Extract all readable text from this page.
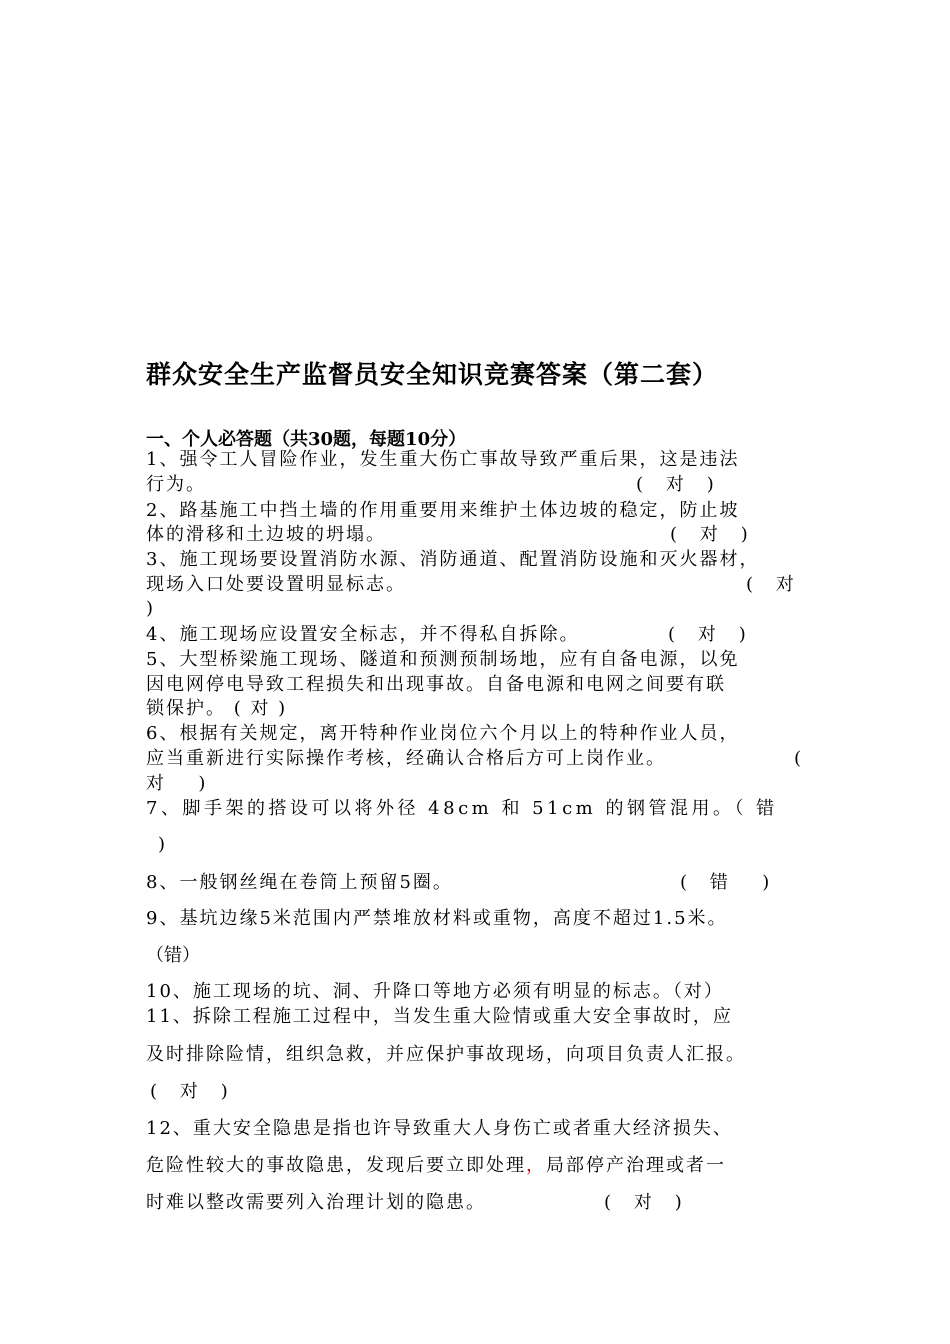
群众安全生产监督员安全知识竞赛答案（第二套）
一、个人必答题（共30题，每题10分）
1、强令工人冒险作业，发生重大伤亡事故导致严重后果，这是违法
行为。	(    对    )
2、路基施工中挡土墙的作用重要用来维护土体边坡的稳定，防止坡
体的滑移和土边坡的坍塌。	(    对    )
3、施工现场要设置消防水源、消防通道、配置消防设施和灭火器材，
现场入口处要设置明显标志。	(    对
)
4、施工现场应设置安全标志，并不得私自拆除。	(    对    )
5、大型桥梁施工现场、隧道和预测预制场地，应有自备电源，以免
因电网停电导致工程损失和出现事故。自备电源和电网之间要有联
锁保护。 ( 对 )
6、根据有关规定，离开特种作业岗位六个月以上的特种作业人员，
应当重新进行实际操作考核，经确认合格后方可上岗作业。	(
对      )
7、脚手架的搭设可以将外径 48cm 和 51cm 的钢管混用。（ 错
)
8、一般钢丝绳在卷筒上预留5圈。	(    错      )
9、基坑边缘5米范围内严禁堆放材料或重物，高度不超过1.5米。
（错）
10、施工现场的坑、洞、升降口等地方必须有明显的标志。（对）
11、拆除工程施工过程中，当发生重大险情或重大安全事故时，应
及时排除险情，组织急救，并应保护事故现场，向项目负责人汇报。
(    对    )
12、重大安全隐患是指也许导致重大人身伤亡或者重大经济损失、
危险性较大的事故隐患，发现后要立即处理，局部停产治理或者一
时难以整改需要列入治理计划的隐患。	(    对    )
